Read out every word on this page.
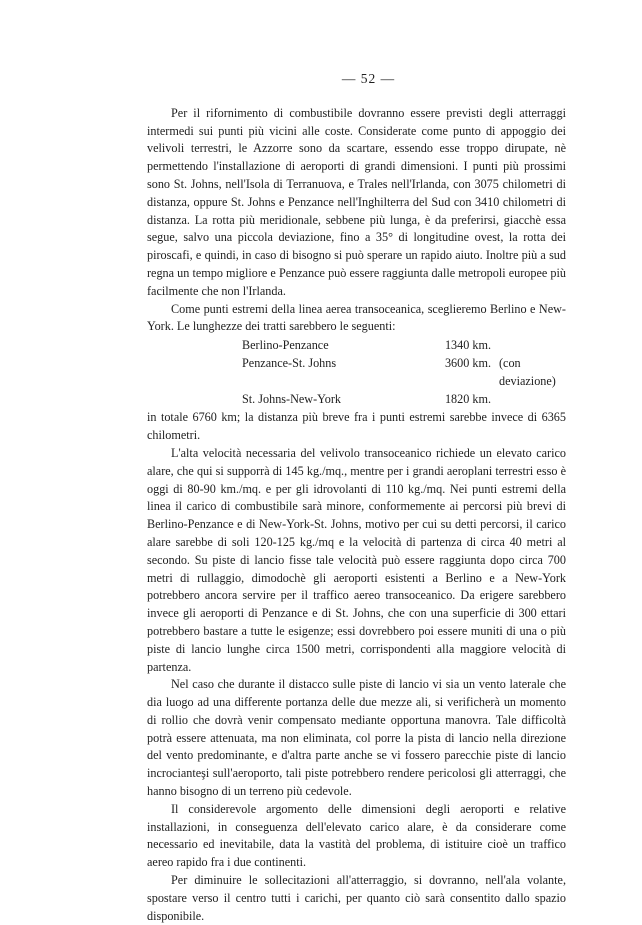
— 52 —

Per il rifornimento di combustibile dovranno essere previsti degli atterraggi intermedi sui punti più vicini alle coste. Considerate come punto di appoggio dei velivoli terrestri, le Azzorre sono da scartare, essendo esse troppo dirupate, nè permettendo l'installazione di aeroporti di grandi dimensioni. I punti più prossimi sono St. Johns, nell'Isola di Terranuova, e Trales nell'Irlanda, con 3075 chilometri di distanza, oppure St. Johns e Penzance nell'Inghilterra del Sud con 3410 chilometri di distanza. La rotta più meridionale, sebbene più lunga, è da preferirsi, giacchè essa segue, salvo una piccola deviazione, fino a 35° di longitudine ovest, la rotta dei piroscafi, e quindi, in caso di bisogno si può sperare un rapido aiuto. Inoltre più a sud regna un tempo migliore e Penzance può essere raggiunta dalle metropoli europee più facilmente che non l'Irlanda.

Come punti estremi della linea aerea transoceanica, sceglieremo Berlino e New-York. Le lunghezze dei tratti sarebbero le seguenti:

Berlino-Penzance	1340 km.	
Penzance-St. Johns	3600 km.	(con deviazione)
St. Johns-New-York	1820 km.	

in totale 6760 km; la distanza più breve fra i punti estremi sarebbe invece di 6365 chilometri.

L'alta velocità necessaria del velivolo transoceanico richiede un elevato carico alare, che qui si supporrà di 145 kg./mq., mentre per i grandi aeroplani terrestri esso è oggi di 80-90 km./mq. e per gli idrovolanti di 110 kg./mq. Nei punti estremi della linea il carico di combustibile sarà minore, conformemente ai percorsi più brevi di Berlino-Penzance e di New-York-St. Johns, motivo per cui su detti percorsi, il carico alare sarebbe di soli 120-125 kg./mq e la velocità di partenza di circa 40 metri al secondo. Su piste di lancio fisse tale velocità può essere raggiunta dopo circa 700 metri di rullaggio, dimodochè gli aeroporti esistenti a Berlino e a New-York potrebbero ancora servire per il traffico aereo transoceanico. Da erigere sarebbero invece gli aeroporti di Penzance e di St. Johns, che con una superficie di 300 ettari potrebbero bastare a tutte le esigenze; essi dovrebbero poi essere muniti di una o più piste di lancio lunghe circa 1500 metri, corrispondenti alla maggiore velocità di partenza.

Nel caso che durante il distacco sulle piste di lancio vi sia un vento laterale che dia luogo ad una differente portanza delle due mezze ali, si verificherà un momento di rollio che dovrà venir compensato mediante opportuna manovra. Tale difficoltà potrà essere attenuata, ma non eliminata, col porre la pista di lancio nella direzione del vento predominante, e d'altra parte anche se vi fossero parecchie piste di lancio incrocianteşi sull'aeroporto, tali piste potrebbero rendere pericolosi gli atterraggi, che hanno bisogno di un terreno più cedevole.

Il considerevole argomento delle dimensioni degli aeroporti e relative installazioni, in conseguenza dell'elevato carico alare, è da considerare come necessario ed inevitabile, data la vastità del problema, di istituire cioè un traffico aereo rapido fra i due continenti.

Per diminuire le sollecitazioni all'atterraggio, si dovranno, nell'ala volante, spostare verso il centro tutti i carichi, per quanto ciò sarà consentito dallo spazio disponibile.
